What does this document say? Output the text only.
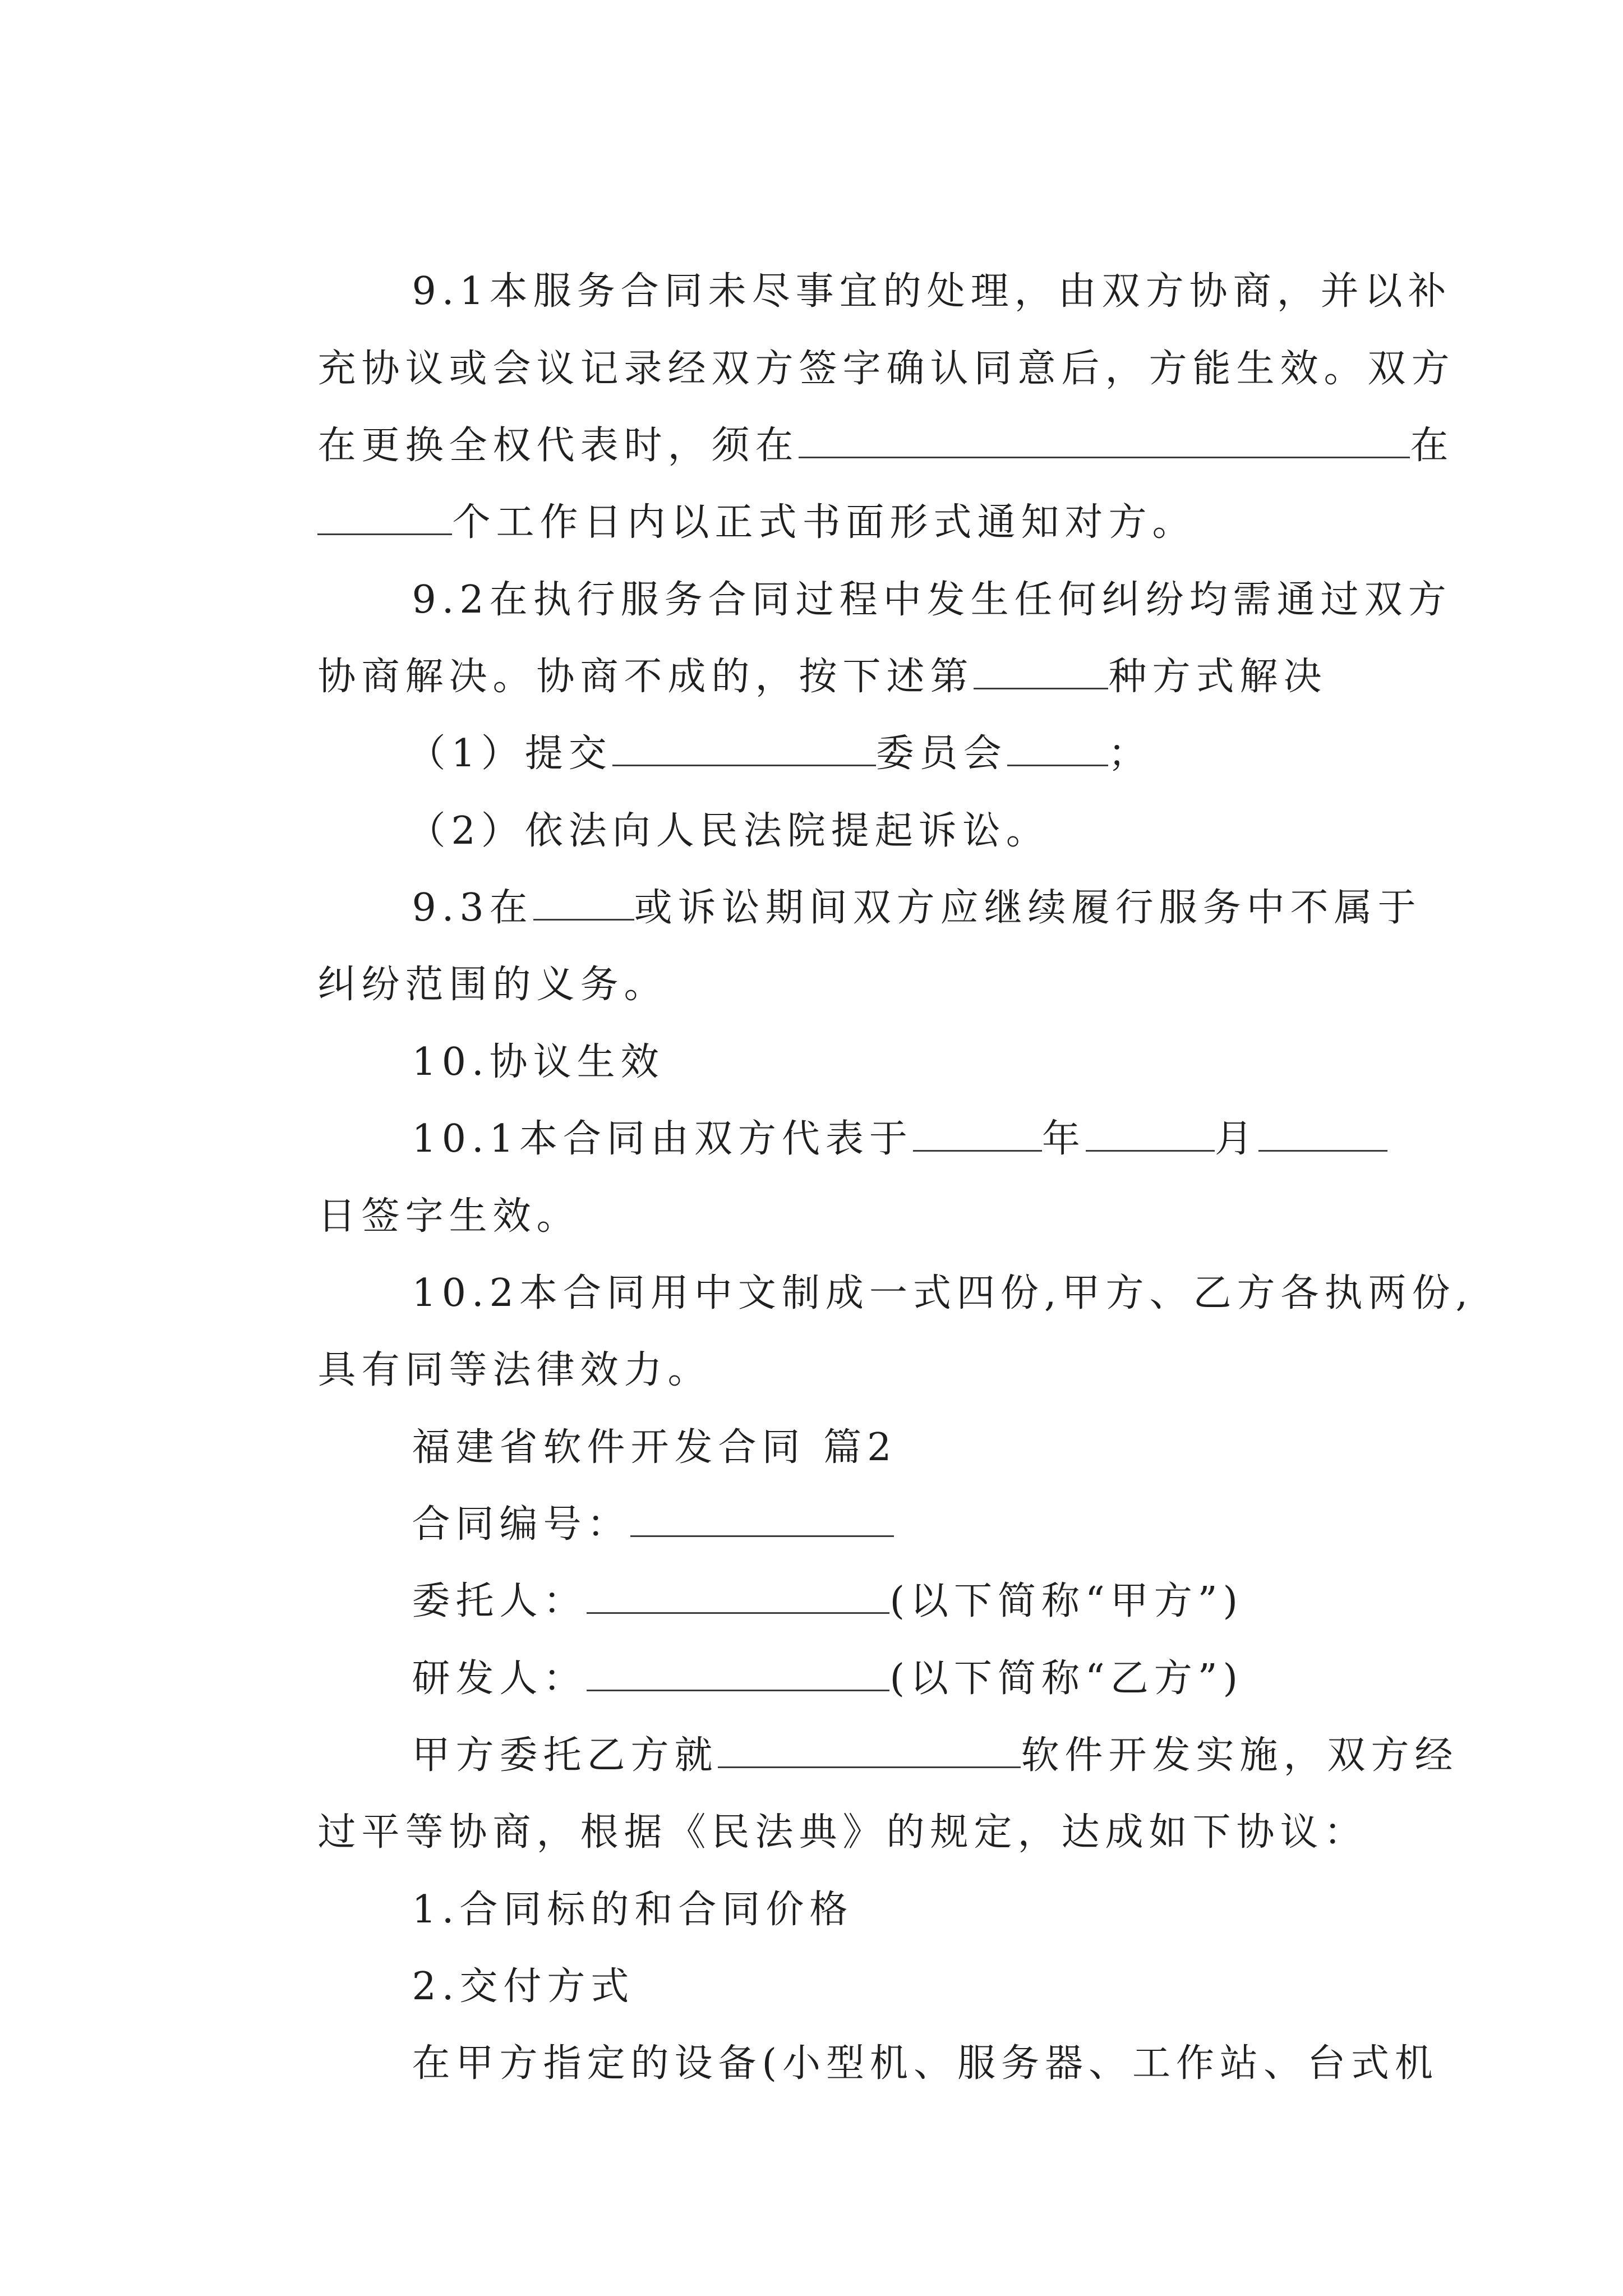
9.1本服务合同未尽事宜的处理，由双方协商，并以补

充协议或会议记录经双方签字确认同意后，方能生效。双方

在更换全权代表时，须在	在

个工作日内以正式书面形式通知对方。

9.2在执行服务合同过程中发生任何纠纷均需通过双方

协商解决。协商不成的，按下述第	种方式解决

（1）提交	委员会	；

（2）依法向人民法院提起诉讼。

9.3在	或诉讼期间双方应继续履行服务中不属于

纠纷范围的义务。

10.协议生效

10.1本合同由双方代表于	年	月

日签字生效。

10.2本合同用中文制成一式四份,甲方、乙方各执两份,

具有同等法律效力。

福建省软件开发合同 篇2

合同编号：

委托人：	(以下简称“甲方”)

研发人：	(以下简称“乙方”)

甲方委托乙方就	软件开发实施，双方经

过平等协商，根据《民法典》的规定，达成如下协议：

1.合同标的和合同价格

2.交付方式

在甲方指定的设备(小型机、服务器、工作站、台式机
